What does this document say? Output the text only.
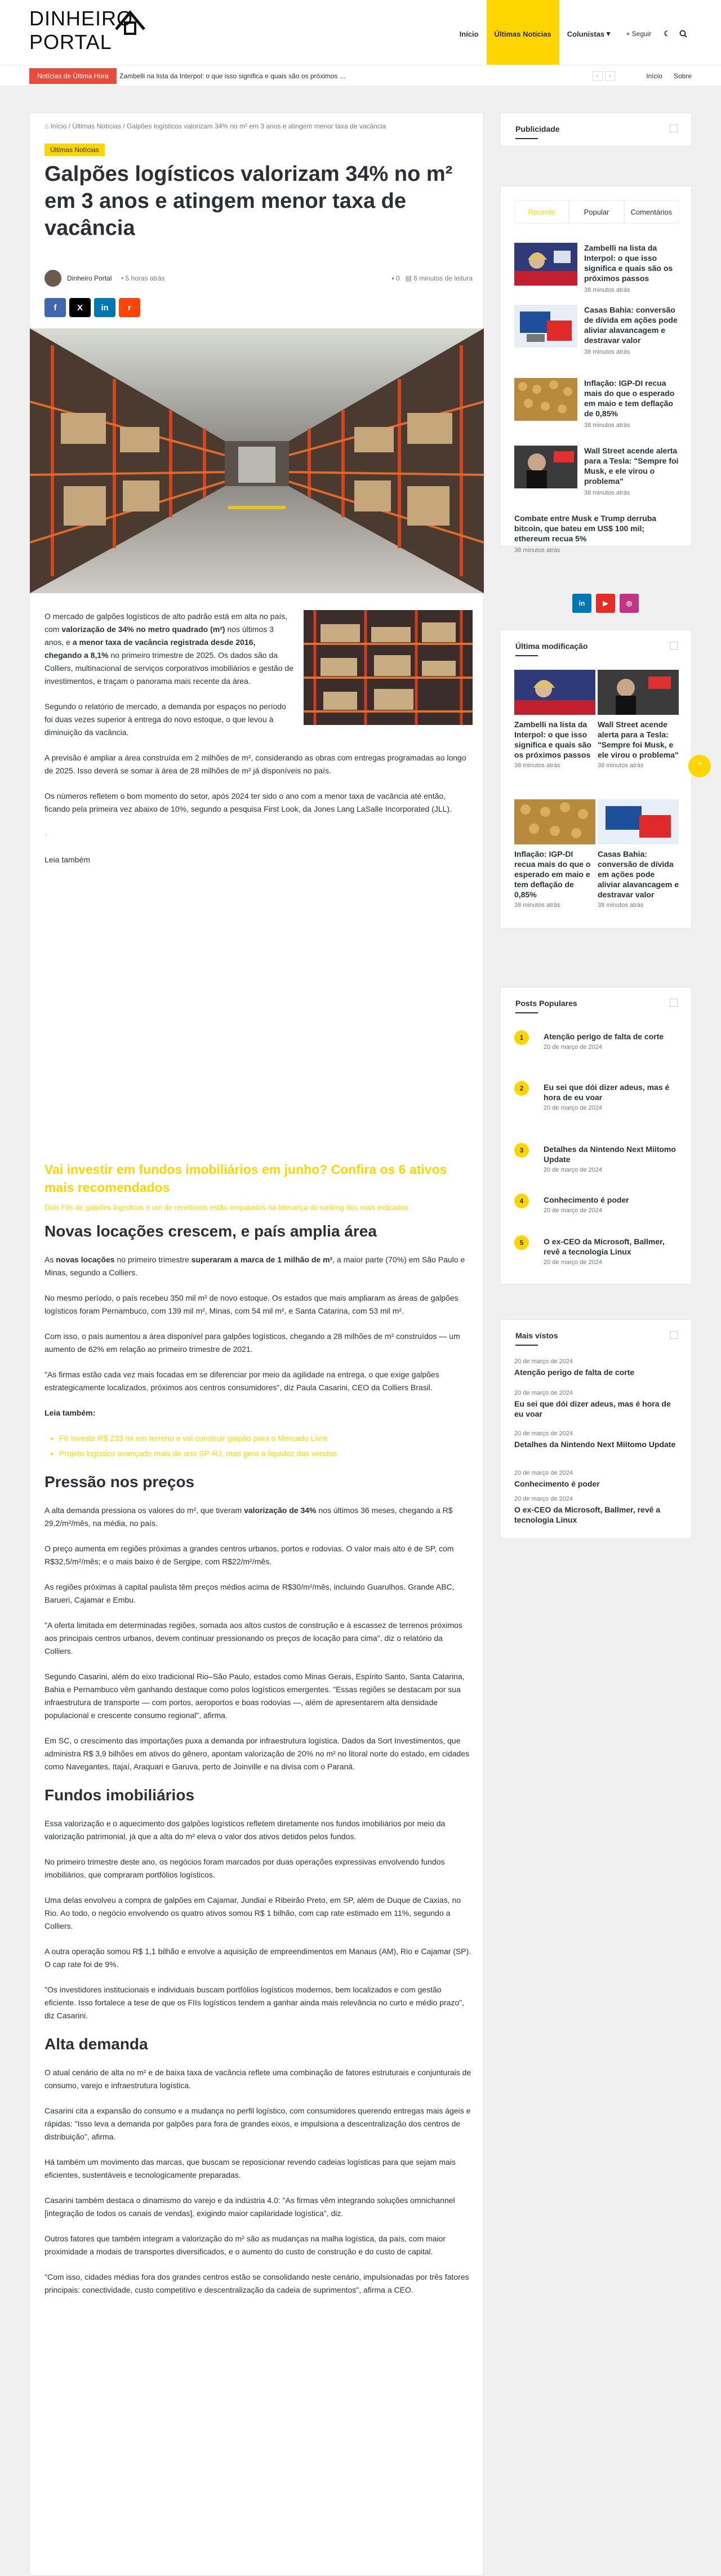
DINHEIRO PORTAL	Início	Últimas Notícias	Colunistas ▾ + Seguir	☾
Notícias de Última Hora	Zambelli na lista da Interpol: o que isso significa e quais são os próximos ...	‹	›	Início Sobre
⌂ Início / Últimas Notícias / Galpões logísticos valorizam 34% no m² em 3 anos e atingem menor taxa de vacância
Últimas Notícias
Galpões logísticos valorizam 34% no m² em 3 anos e atingem menor taxa de vacância
Dinheiro Portal • 5 horas atrás	▪ 0 ▤ 6 minutos de leitura
f	X	in	r

O mercado de galpões logísticos de alto padrão está em alta no país, com valorização de 34% no metro quadrado (m²) nos últimos 3 anos, e a menor taxa de vacância registrada desde 2016, chegando a 8,1% no primeiro trimestre de 2025. Os dados são da Colliers, multinacional de serviços corporativos imobiliários e gestão de investimentos, e traçam o panorama mais recente da área.

Segundo o relatório de mercado, a demanda por espaços no período foi duas vezes superior à entrega do novo estoque, o que levou à diminuição da vacância.

A previsão é ampliar a área construída em 2 milhões de m², considerando as obras com entregas programadas ao longo de 2025. Isso deverá se somar à área de 28 milhões de m² já disponíveis no país.

Os números refletem o bom momento do setor, após 2024 ter sido o ano com a menor taxa de vacância até então, ficando pela primeira vez abaixo de 10%, segundo a pesquisa First Look, da Jones Lang LaSalle Incorporated (JLL).

▫

Leia também

Vai investir em fundos imobiliários em junho? Confira os 6 ativos mais recomendados
Dois FIIs de galpões logísticos e um de recebíveis estão empatados na liderança do ranking dos mais indicados
Novas locações crescem, e país amplia área

As novas locações no primeiro trimestre superaram a marca de 1 milhão de m², a maior parte (70%) em São Paulo e Minas, segundo a Colliers.

No mesmo período, o país recebeu 350 mil m² de novo estoque. Os estados que mais ampliaram as áreas de galpões logísticos foram Pernambuco, com 139 mil m², Minas, com 54 mil m², e Santa Catarina, com 53 mil m².

Com isso, o país aumentou a área disponível para galpões logísticos, chegando a 28 milhões de m² construídos — um aumento de 62% em relação ao primeiro trimestre de 2021.

"As firmas estão cada vez mais focadas em se diferenciar por meio da agilidade na entrega, o que exige galpões estrategicamente localizados, próximos aos centros consumidores", diz Paula Casarini, CEO da Colliers Brasil.

Leia também:

• FII investe R$ 233 mi em terreno e vai construir galpão para o Mercado Livre
• Projeto logístico avançado mais de ano SP-RJ, mas gera a liquidez das vendas
Pressão nos preços

A alta demanda pressiona os valores do m², que tiveram valorização de 34% nos últimos 36 meses, chegando a R$ 29,2/m²/mês, na média, no país.

O preço aumenta em regiões próximas a grandes centros urbanos, portos e rodovias. O valor mais alto é de SP, com R$32,5/m²/mês; e o mais baixo é de Sergipe, com R$22/m²/mês.

As regiões próximas à capital paulista têm preços médios acima de R$30/m²/mês, incluindo Guarulhos, Grande ABC, Barueri, Cajamar e Embu.

"A oferta limitada em determinadas regiões, somada aos altos custos de construção e à escassez de terrenos próximos aos principais centros urbanos, devem continuar pressionando os preços de locação para cima", diz o relatório da Colliers.

Segundo Casarini, além do eixo tradicional Rio–São Paulo, estados como Minas Gerais, Espírito Santo, Santa Catarina, Bahia e Pernambuco vêm ganhando destaque como polos logísticos emergentes. "Essas regiões se destacam por sua infraestrutura de transporte — com portos, aeroportos e boas rodovias —, além de apresentarem alta densidade populacional e crescente consumo regional", afirma.

Em SC, o crescimento das importações puxa a demanda por infraestrutura logística. Dados da Sort Investimentos, que administra R$ 3,9 bilhões em ativos do gênero, apontam valorização de 20% no m² no litoral norte do estado, em cidades como Navegantes, Itajaí, Araquari e Garuva, perto de Joinville e na divisa com o Paraná.

Fundos imobiliários

Essa valorização e o aquecimento dos galpões logísticos refletem diretamente nos fundos imobiliários por meio da valorização patrimonial, já que a alta do m² eleva o valor dos ativos detidos pelos fundos.

No primeiro trimestre deste ano, os negócios foram marcados por duas operações expressivas envolvendo fundos imobiliários, que compraram portfólios logísticos.

Uma delas envolveu a compra de galpões em Cajamar, Jundiaí e Ribeirão Preto, em SP, além de Duque de Caxias, no Rio. Ao todo, o negócio envolvendo os quatro ativos somou R$ 1 bilhão, com cap rate estimado em 11%, segundo a Colliers.

A outra operação somou R$ 1,1 bilhão e envolve a aquisição de empreendimentos em Manaus (AM), Rio e Cajamar (SP). O cap rate foi de 9%.

"Os investidores institucionais e individuais buscam portfólios logísticos modernos, bem localizados e com gestão eficiente. Isso fortalece a tese de que os FIIs logísticos tendem a ganhar ainda mais relevância no curto e médio prazo", diz Casarini.

Alta demanda

O atual cenário de alta no m² e de baixa taxa de vacância reflete uma combinação de fatores estruturais e conjunturais de consumo, varejo e infraestrutura logística.

Casarini cita a expansão do consumo e a mudança no perfil logístico, com consumidores querendo entregas mais ágeis e rápidas: "Isso leva a demanda por galpões para fora de grandes eixos, e impulsiona a descentralização dos centros de distribuição", afirma.

Há também um movimento das marcas, que buscam se reposicionar revendo cadeias logísticas para que sejam mais eficientes, sustentáveis e tecnologicamente preparadas.

Casarini também destaca o dinamismo do varejo e da indústria 4.0: "As firmas vêm integrando soluções omnichannel [integração de todos os canais de vendas], exigindo maior capilaridade logística", diz.

Outros fatores que também integram a valorização do m² são as mudanças na malha logística, da país, com maior proximidade a modais de transportes diversificados, e o aumento do custo de construção e do custo de capital.

"Com isso, cidades médias fora dos grandes centros estão se consolidando neste cenário, impulsionadas por três fatores principais: conectividade, custo competitivo e descentralização da cadeia de suprimentos", afirma a CEO.

Publicidade
Recente	Popular	Comentários
Zambelli na lista da Interpol: o que isso significa e quais são os próximos passos
38 minutos atrás
Casas Bahia: conversão de dívida em ações pode aliviar alavancagem e destravar valor
38 minutos atrás
Inflação: IGP-DI recua mais do que o esperado em maio e tem deflação de 0,85%
38 minutos atrás
Wall Street acende alerta para a Tesla: "Sempre foi Musk, e ele virou o problema"
38 minutos atrás
Combate entre Musk e Trump derruba bitcoin, que bateu em US$ 100 mil; ethereum recua 5%
38 minutos atrás
in	▶	◎
Última modificação
Zambelli na lista da Interpol: o que isso significa e quais são os próximos passos
38 minutos atrás
Wall Street acende alerta para a Tesla: "Sempre foi Musk, e ele virou o problema"
38 minutos atrás
Inflação: IGP-DI recua mais do que o esperado em maio e tem deflação de 0,85%
38 minutos atrás
Casas Bahia: conversão de dívida em ações pode aliviar alavancagem e destravar valor
38 minutos atrás
Posts Populares
1	Atenção perigo de falta de corte
20 de março de 2024
2	Eu sei que dói dizer adeus, mas é hora de eu voar
20 de março de 2024
3	Detalhes da Nintendo Next Miitomo Update
20 de março de 2024
4	Conhecimento é poder
20 de março de 2024
5	O ex-CEO da Microsoft, Ballmer, revê a tecnologia Linux
20 de março de 2024
Mais vistos
20 de março de 2024
Atenção perigo de falta de corte
20 de março de 2024
Eu sei que dói dizer adeus, mas é hora de eu voar
20 de março de 2024
Detalhes da Nintendo Next Miitomo Update
20 de março de 2024
Conhecimento é poder
20 de março de 2024
O ex-CEO da Microsoft, Ballmer, revê a tecnologia Linux
⌃
